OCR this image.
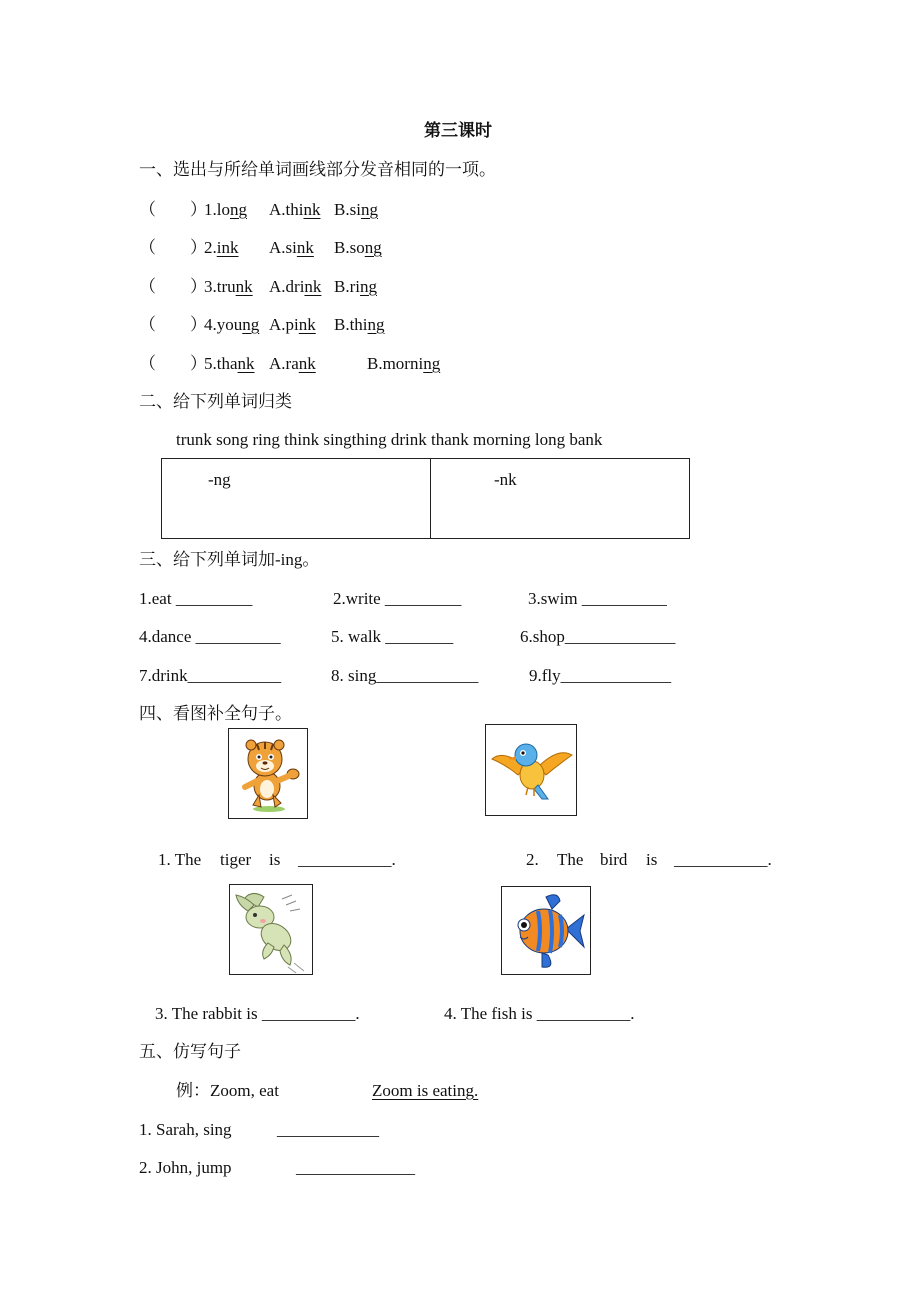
第三课时
一、选出与所给单词画线部分发音相同的一项。
（　　）
1.long A.think B.sing
（　　）
2.ink A.sink B.song
（　　）
3.trunk A.drink B.ring
（　　）
4.young A.pink B.thing
（　　）
5.thank A.rank	B.morning
二、给下列单词归类
trunk song ring think singthing drink thank morning long bank
-ng	-nk
三、给下列单词加-ing。
1.eat _________	2.write _________	3.swim __________
4.dance __________	5. walk ________	6.shop_____________
7.drink___________	8. sing____________	9.fly_____________
四、看图补全句子。
1. The tiger is ___________.	2. The bird is ___________.
3. The rabbit is ___________.	4. The fish is ___________.
五、仿写句子
例：Zoom, eat	Zoom is eating.
1. Sarah, sing	____________
2. John, jump	______________
